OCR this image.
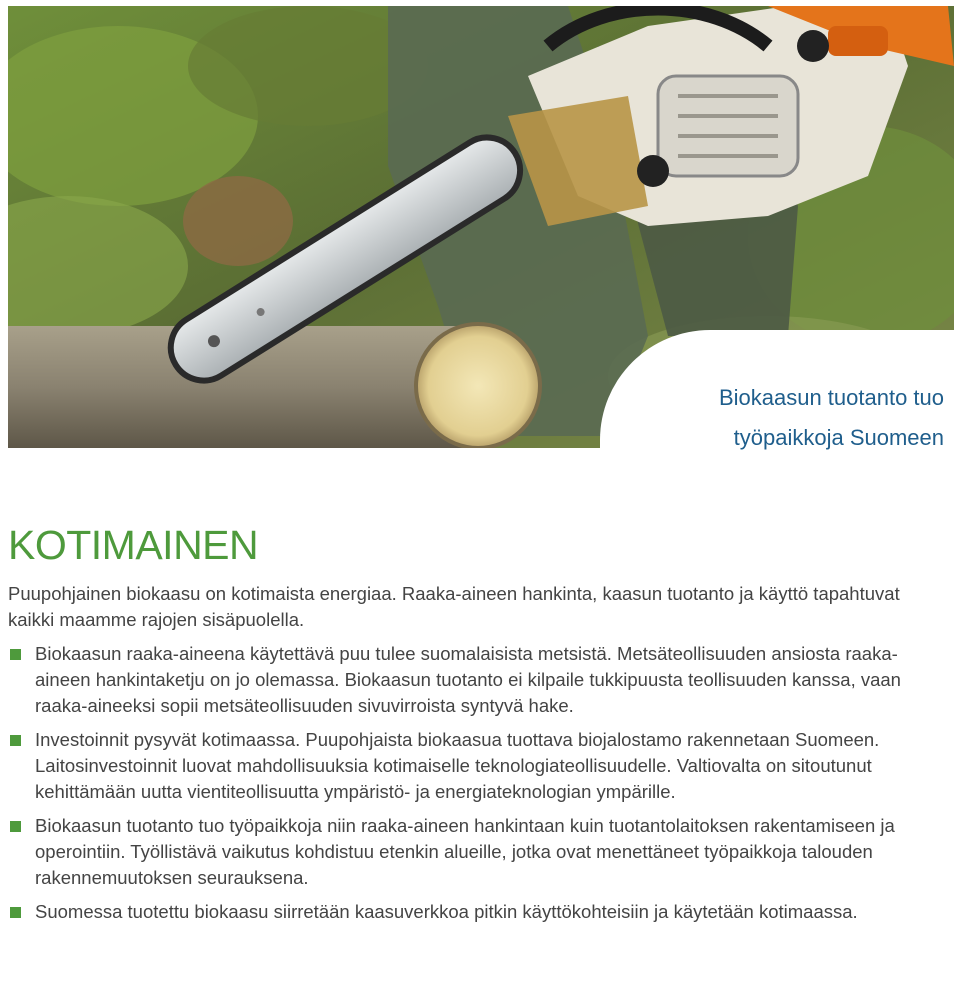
Biokaasun tuotanto tuo
työpaikkoja Suomeen
KOTIMAINEN

Puupohjainen biokaasu on kotimaista energiaa. Raaka-aineen hankinta, kaasun tuotanto ja käyttö tapahtuvat kaikki maamme rajojen sisäpuolella.

Biokaasun raaka-aineena käytettävä puu tulee suomalaisista metsistä. Metsäteollisuuden ansiosta raaka-aineen hankintaketju on jo olemassa. Biokaasun tuotanto ei kilpaile tukkipuusta teollisuuden kanssa, vaan raaka-aineeksi sopii metsäteollisuuden sivuvirroista syntyvä hake.
Investoinnit pysyvät kotimaassa. Puupohjaista biokaasua tuottava biojalostamo rakennetaan Suomeen. Laitosinvestoinnit luovat mahdollisuuksia kotimaiselle teknologiateollisuudelle. Valtiovalta on sitoutunut kehittämään uutta vientiteollisuutta ympäristö- ja energiateknologian ympärille.
Biokaasun tuotanto tuo työpaikkoja niin raaka-aineen hankintaan kuin tuotantolaitoksen rakentamiseen ja operointiin. Työllistävä vaikutus kohdistuu etenkin alueille, jotka ovat menettäneet työpaikkoja talouden rakennemuutoksen seurauksena.
Suomessa tuotettu biokaasu siirretään kaasuverkkoa pitkin käyttökohteisiin ja käytetään kotimaassa.
